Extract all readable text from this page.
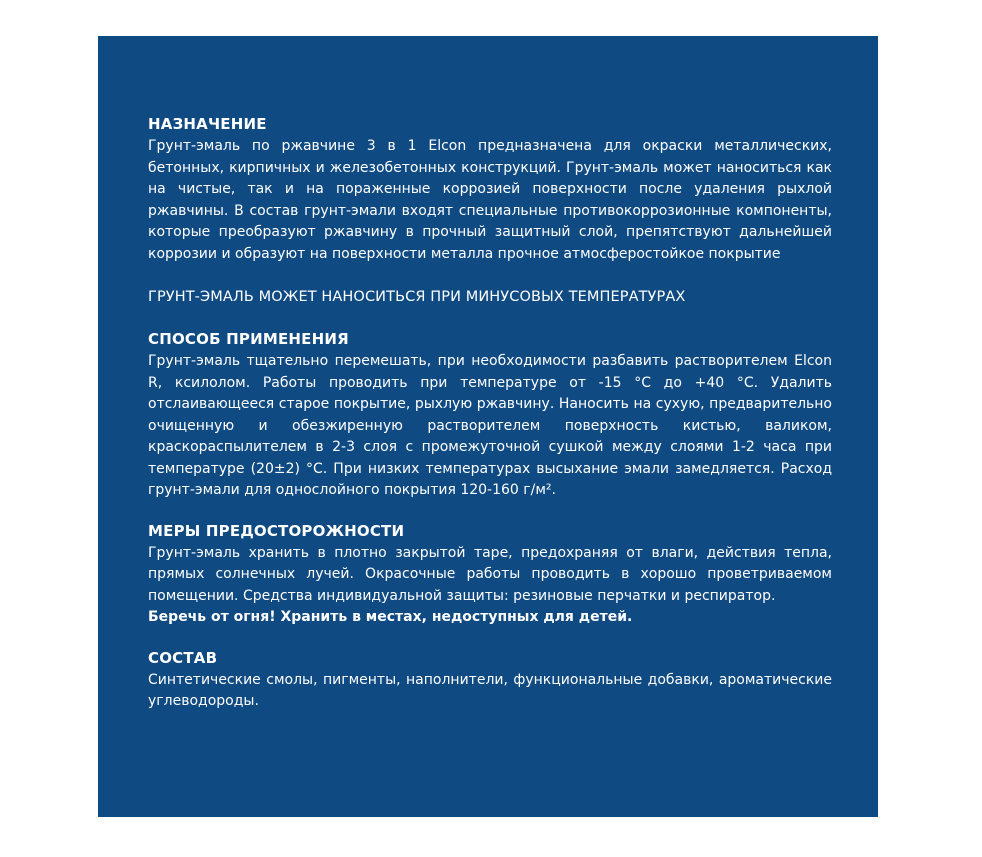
НАЗНАЧЕНИЕ

Грунт-эмаль по ржавчине 3 в 1 Elcon предназначена для окраски металлических, бетонных, кирпичных и железобетонных конструкций. Грунт-эмаль может наноситься как на чистые, так и на пораженные коррозией поверхности после удаления рыхлой ржавчины. В состав грунт-эмали входят специальные противокоррозионные компоненты, которые преобразуют ржавчину в прочный защитный слой, препятствуют дальнейшей коррозии и образуют на поверхности металла прочное атмосферостойкое покрытие

ГРУНТ-ЭМАЛЬ МОЖЕТ НАНОСИТЬСЯ ПРИ МИНУСОВЫХ ТЕМПЕРАТУРАХ

СПОСОБ ПРИМЕНЕНИЯ

Грунт-эмаль тщательно перемешать, при необходимости разбавить растворителем Elcon R, ксилолом. Работы проводить при температуре от -15 °С до +40 °С. Удалить отслаивающееся старое покрытие, рыхлую ржавчину. Наносить на сухую, предварительно очищенную и обезжиренную растворителем поверхность кистью, валиком, краскораспылителем в 2-3 слоя с промежуточной сушкой между слоями 1-2 часа при температуре (20±2) °С. При низких температурах высыхание эмали замедляется. Расход грунт-эмали для однослойного покрытия 120-160 г/м².

МЕРЫ ПРЕДОСТОРОЖНОСТИ

Грунт-эмаль хранить в плотно закрытой таре, предохраняя от влаги, действия тепла, прямых солнечных лучей. Окрасочные работы проводить в хорошо проветриваемом помещении. Средства индивидуальной защиты: резиновые перчатки и респиратор.

Беречь от огня! Хранить в местах, недоступных для детей.

СОСТАВ

Синтетические смолы, пигменты, наполнители, функциональные добавки, ароматические углеводороды.
